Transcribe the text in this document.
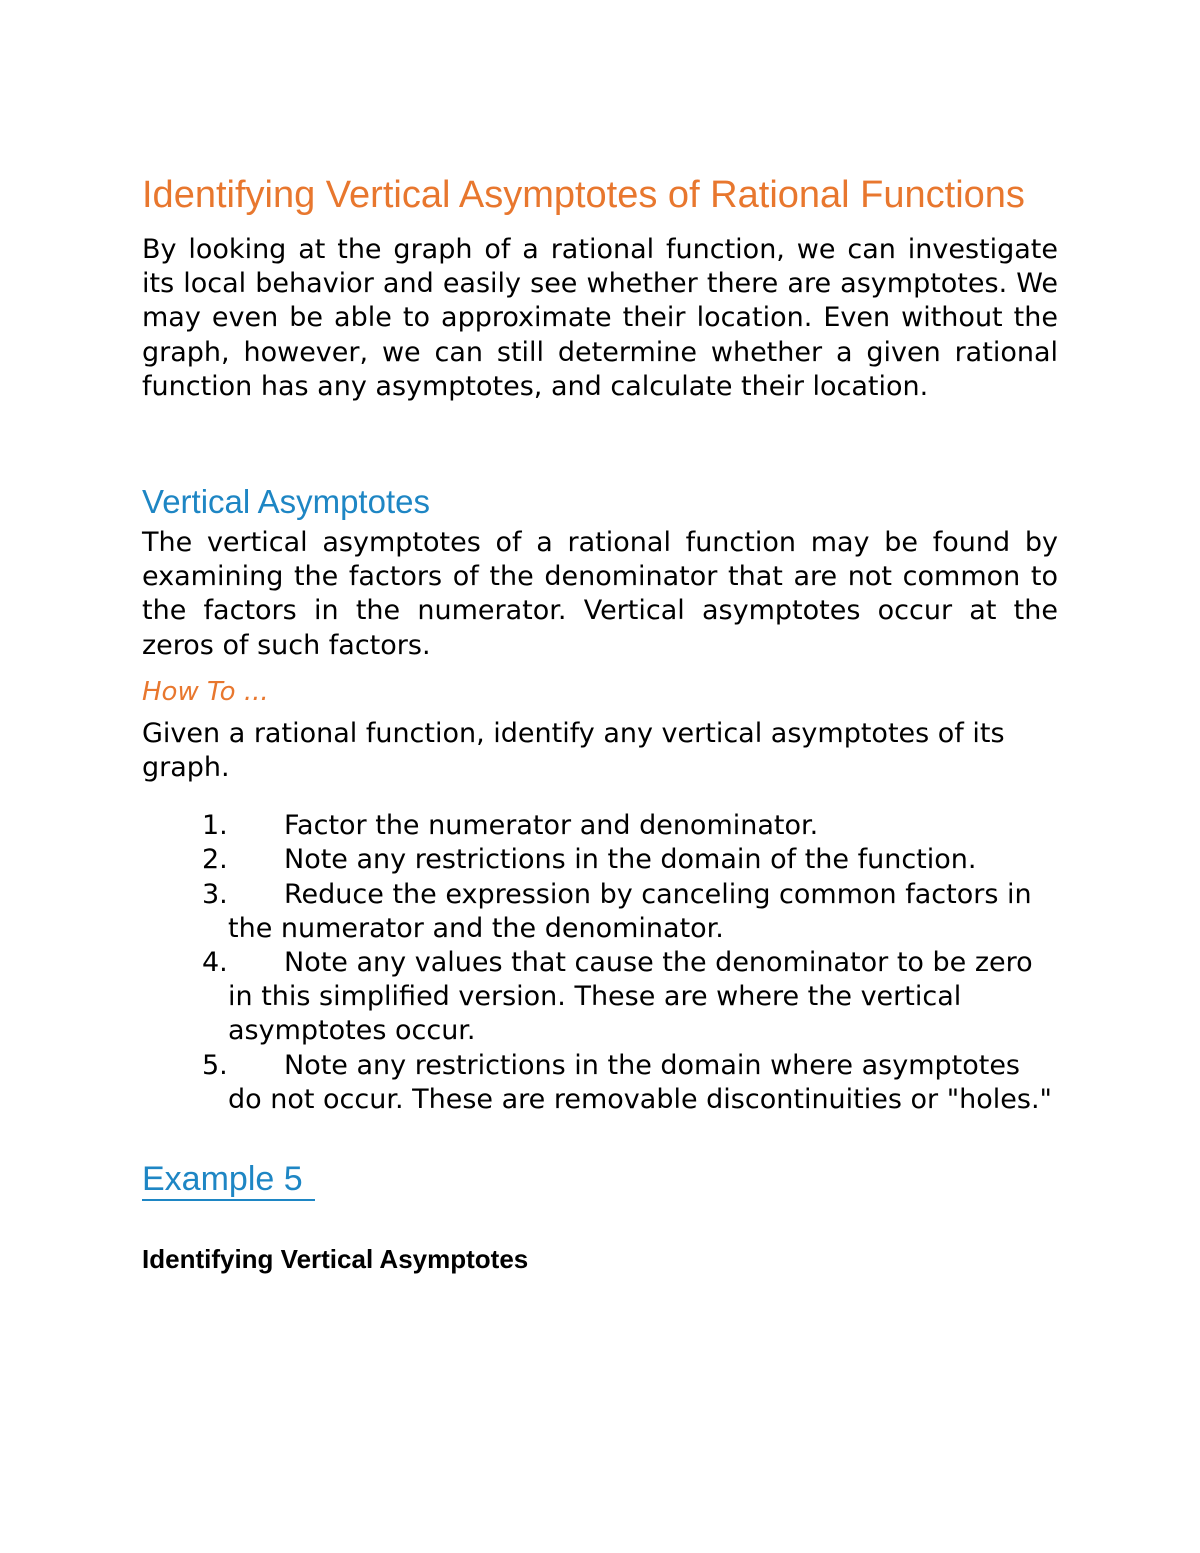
Identifying Vertical Asymptotes of Rational Functions

By looking at the graph of a rational function, we can investigate its local behavior and easily see whether there are asymptotes. We may even be able to approximate their location. Even without the graph, however, we can still determine whether a given rational function has any asymptotes, and calculate their location.

Vertical Asymptotes

The vertical asymptotes of a rational function may be found by examining the factors of the denominator that are not common to the factors in the numerator. Vertical asymptotes occur at the zeros of such factors.

How To ...

Given a rational function, identify any vertical asymptotes of its graph.

1. Factor the numerator and denominator.
2. Note any restrictions in the domain of the function.
3. Reduce the expression by canceling common factors in the numerator and the denominator.
4. Note any values that cause the denominator to be zero in this simplified version. These are where the vertical asymptotes occur.
5. Note any restrictions in the domain where asymptotes do not occur. These are removable discontinuities or "holes."
Example 5
Identifying Vertical Asymptotes
